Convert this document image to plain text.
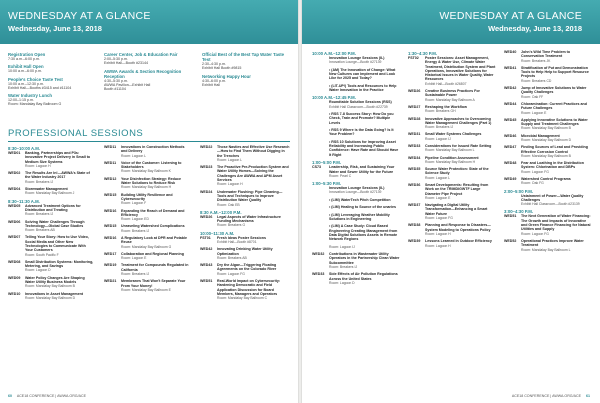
WEDNESDAY AT A GLANCE
Wednesday, June 13, 2018
Registration Open
7:30 a.m.–6:00 p.m.
Exhibit Hall Open
10:00 a.m.–6:00 p.m.
People's Choice Taste Test
10:00 a.m.–12:30 p.m.
Exhibit Hall—Booths #3415 and #11104
Water Industry Lunch
12:00–1:15 p.m.
Room: Mandalay Bay Ballroom G
Career Center, Job & Education Fair
2:00–5:30 p.m.
Exhibit Hall—Booth #23144
AWWA Awards & Section Recognition Reception
4:30–5:30 p.m.
AWWA Pavilion—Exhibit Hall
Booth #11104
Official Best of the Best Tap Water Taste Test
2:30–4:30 p.m.
Exhibit Hall Booth #9815
Networking Happy Hour
4:30–6:00 p.m.
Exhibit Hall
PROFESSIONAL SESSIONS
8:30–10:00 A.M.
WED01	Banking, Partnerships and P3s: Innovative Project Delivery in Small to Medium Size Systems
Room: Lagoon H
WED02	The Results Are In!—AWWA's State of the Water Industry 2017
Room: Breakers IJ
WED04	Stormwater Management
Room: Mandalay Bay Ballroom J
8:30–11:30 A.M.
WED05	Advanced Treatment Options for Distribution and Treating
Room: Breakers IJ
WED06	Solving Water Challenges Through Technology—Global Case Studies
Room: Breakers AB
WED07	Telling Your Story: How to Use Video, Social Media and Other New Technologies to Communicate With Your Customers
Room: South Pacific F
WED08	Small Distribution Systems: Monitoring, Metering, and Savings
Room: Lagoon D
WED09	Water Policy Changes Are Shaping Water Utility Business Models
Room: Mandalay Bay Ballroom B
WED10	Innovations in Asset Management
Room: Mandalay Bay Ballroom D
WED11	Innovations in Construction Methods and Delivery
Room: Lagoon L
WED11	Voice of the Customer: Listening to Stakeholders
Room: Mandalay Bay Ballroom K
WED12	Your Disinfection Strategy: Reduce Water Solutions to Reduce Risk
Room: Mandalay Bay Ballroom H
WED15	Building Utility Resilience and Cybersecurity
Room: Lagoon F
WED16	Expanding the Reach of Demand and Efficiency
Room: Lagoon ED
WED15	Unraveling Watershed Complications
Room: Breakers IJ
WED16	A Regulatory Look at DPR and Potable Reuse
Room: Mandalay Bay Ballroom G
WED17	Collaboration and Regional Planning
Room: Lagoon E
WED19	Treatment for Compounds Regulated in California
Room: Breakers IJ
WED21	Membranes That Won't Separate Your From Your Money!
Room: Mandalay Bay Ballroom E
WED22	Those Nasties and Effective Use Research—How to Find Them Without Digging in the Trenches
Room: Lagoon L
WED23	The Proactive Pre-Production System and Water Utility Homes—Solving the Challenges Are AWWA and APM Asset Services
Room: Lagoon H
WED24	Underwater Flushing: Pipe Cleaning—Tools and Techniques to Improve Distribution Water Quality
Room: Oak EB
8:30 A.M.–12:00 P.M.
WED26	Legal Aspects of Water Infrastructure Funding Mechanisms
Room: Breakers G
10:00–11:30 A.M.
FST01	Fresh Ideas Poster Sessions
Exhibit Hall—Booth #8701
WED42	Innovating Drinking Water Utility Optimization
Room: Breakers AB
WED43	Dry the Algae—Triggering Floating Agreements on the Colorado River
Room: Lagoon FG
WED51	Real-World Impact on Cybersecurity: Hardening Democratic and Field Application Discussion for Board Members, Managers and Operators
Room: Mandalay Bay Ballroom C
60 ACE18 CONFERENCE | AWWA.ORG/ACE
WEDNESDAY AT A GLANCE
Wednesday, June 13, 2018
10:00 A.M.–12:00 P.M.
Innovation Lounge Sessions (IL)
Innovation Lounge—Booth #27139
• (AM) The Innovation of Change: What New Cultures can Implement and Look Like for 2025 and Today?
• (LIT-UP!) Tools and Resources to Help Water Innovation in the Practice
10:00 A.M.–12:45 P.M.
Roundtable Solution Sessions (RSS)
Exhibit Hall Classroom—Booth #22739
• RSS 7-8 Success Story: How Do you Check, Train and Promote? Multiple Levels
• RSS 9 Where is the Data Going? Is It Your Problem?
• RSS 10 Solutions for Improving Asset Reliability and Increasing Public Confidence: Have Rate and Should Have It Right
1:00–5:00 P.M.
CS73	Leadership, Risk, and Sustaining Your Water and Sewer Utility for the Future
Room: Pearl C
1:00–5:30 P.M.
Innovation Lounge Sessions (IL)
Innovation Lounge—Booth #27139
• (LIM) WaterTech Pitch Competition
• (LIM) Healing to Source of the unaries
• (LIM) Leveraging Weather Mobility Solutions in Engineering
• (LIM) A Case Study: Cloud Based Engineering Creating Management from Data Digital Solutions Assets in Remote Network Regions
Room: Lagoon IJ
WED32	Contributions in Wastewater Utility Operators in the Partnership Clean Water Subcommittee
Room: Breakers IJ
WED33	Side Effects of Air Pollution Regulations Across the United States
Room: Lagoon D
1:30–4:30 P.M.
FST02	Poster Sessions: Asset Management, Energy & Water Use, Climate Water Treatment, Distribution System and Plant Operations, Innovative Solutions for Historical Issues in Water Quality, Water Resources
Exhibit Hall—Booth #26807
WED26	Creative Business Practices For Sustainable Power
Room: Mandalay Bay Ballroom A
WED27	Reshaping the Workflow
Room: Breakers GH
WED28	Innovative Approaches to Overcoming Water Management Challenges (Part 1)
Room: Breakers IJ
WED31	Small Water Systems Challenges
Room: Lagoon IJ
WED33	Considerations for Issued Rate Setting
Room: Mandalay Bay Ballroom L
WED34	Pipeline Condition Assessment
Room: Mandalay Bay Ballroom H
WED35	Source Water Protection: State of the Science Study
Room: Lagoon L
WED36	Smart Developments: Resulting from Work on the TRIMDIGWTF Large Diameter Pipe Project
Room: Lagoon E
WED37	Navigating a Digital Utility Transformation—Enhancing a Smart Water Future
Room: Lagoon FG
WED38	Planning and Response to Disasters—System Modeling to Operations Policy
Room: Lagoon H
WED39	Lessons Learned in Outdoor Efficiency
Room: Lagoon H
WED40	John's Wild Time Problem to Conservation Treatment
Room: Breakers JK
WED41	Stratification of Put and Demonstration Tools to Help Help to Support Resource Projects
Room: Breakers CD
WED42	Jump of Innovative Solutions to Water Quality Challenges
Room: Oak FF
WED44	Chloramination: Current Practices and Future Challenges
Room: Lagoon E
WED45	Applying Innovative Solutions to Water Supply and Treatment Challenges
Room: Mandalay Bay Ballroom B
WED46	Microbial Management
Room: Mandalay Bay Ballroom D
WED47	Finding Sources of Lead and Providing Effective Corrosion Control
Room: Mandalay Bay Ballroom B
WED48	Fear and Loathing in the Distribution System: Chlorination and DBPs
Room: Lagoon FG
WED49	Watershed Control Programs
Room: Oak FG
2:00–5:00 P.M.
Ustainment of Power—Water Quality Challenges
Exhibit Hall Classroom—Booth #23139
3:00–4:30 P.M.
WED51	The Next Generation of Water Financing: The Growth and Impacts of Innovative and Green Finance Financing for Natural Utilities and Supply
Room: Lagoon FG
WED52	Operational Practices Improve Water Treatment
Room: Mandalay Bay Ballroom L
ACE18 CONFERENCE | AWWA.ORG/ACE 61
